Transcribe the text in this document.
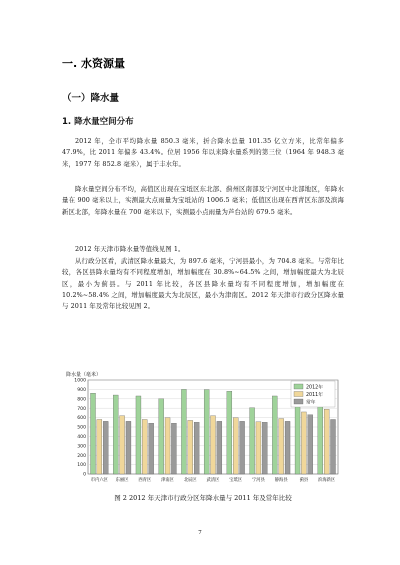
一. 水资源量
（一）降水量
1. 降水量空间分布
2012 年，全市平均降水量 850.3 毫米，折合降水总量 101.35 亿立方米，比常年偏多 47.9%，比 2011 年偏多 43.4%。位居 1956 年以来降水量系列的第三位（1964 年 948.3 毫米，1977 年 852.8 毫米），属于丰水年。
降水量空间分布不均，高值区出现在宝坻区东北部、蓟州区南部及宁河区中北部地区，年降水量在 900 毫米以上，实测最大点雨量为宝坻站的 1006.5 毫米；低值区出现在西青区东部及滨海新区北部，年降水量在 700 毫米以下，实测最小点雨量为芦台站的 679.5 毫米。
2012 年天津市降水量等值线见图 1。
从行政分区看，武清区降水量最大，为 897.6 毫米，宁河县最小，为 704.8 毫米。与常年比较，各区县降水量均有不同程度增加，增加幅度在 30.8%~64.5% 之间，增加幅度最大为北辰区，最小为蓟县。与 2011 年比较，各区县降水量均有不同程度增加，增加幅度在 10.2%~58.4% 之间，增加幅度最大为北辰区，最小为津南区。2012 年天津市行政分区降水量与 2011 年及常年比较见图 2。
0
100
200
300
400
500
600
700
800
900
1000
降水量（毫米）
市内六区 东丽区 西青区 津南区 北辰区 武清区 宝坻区 宁河县 静海县	蓟县 滨海新区
2012年
2011年
常年
图 2 2012 年天津市行政分区年降水量与 2011 年及常年比较
7
